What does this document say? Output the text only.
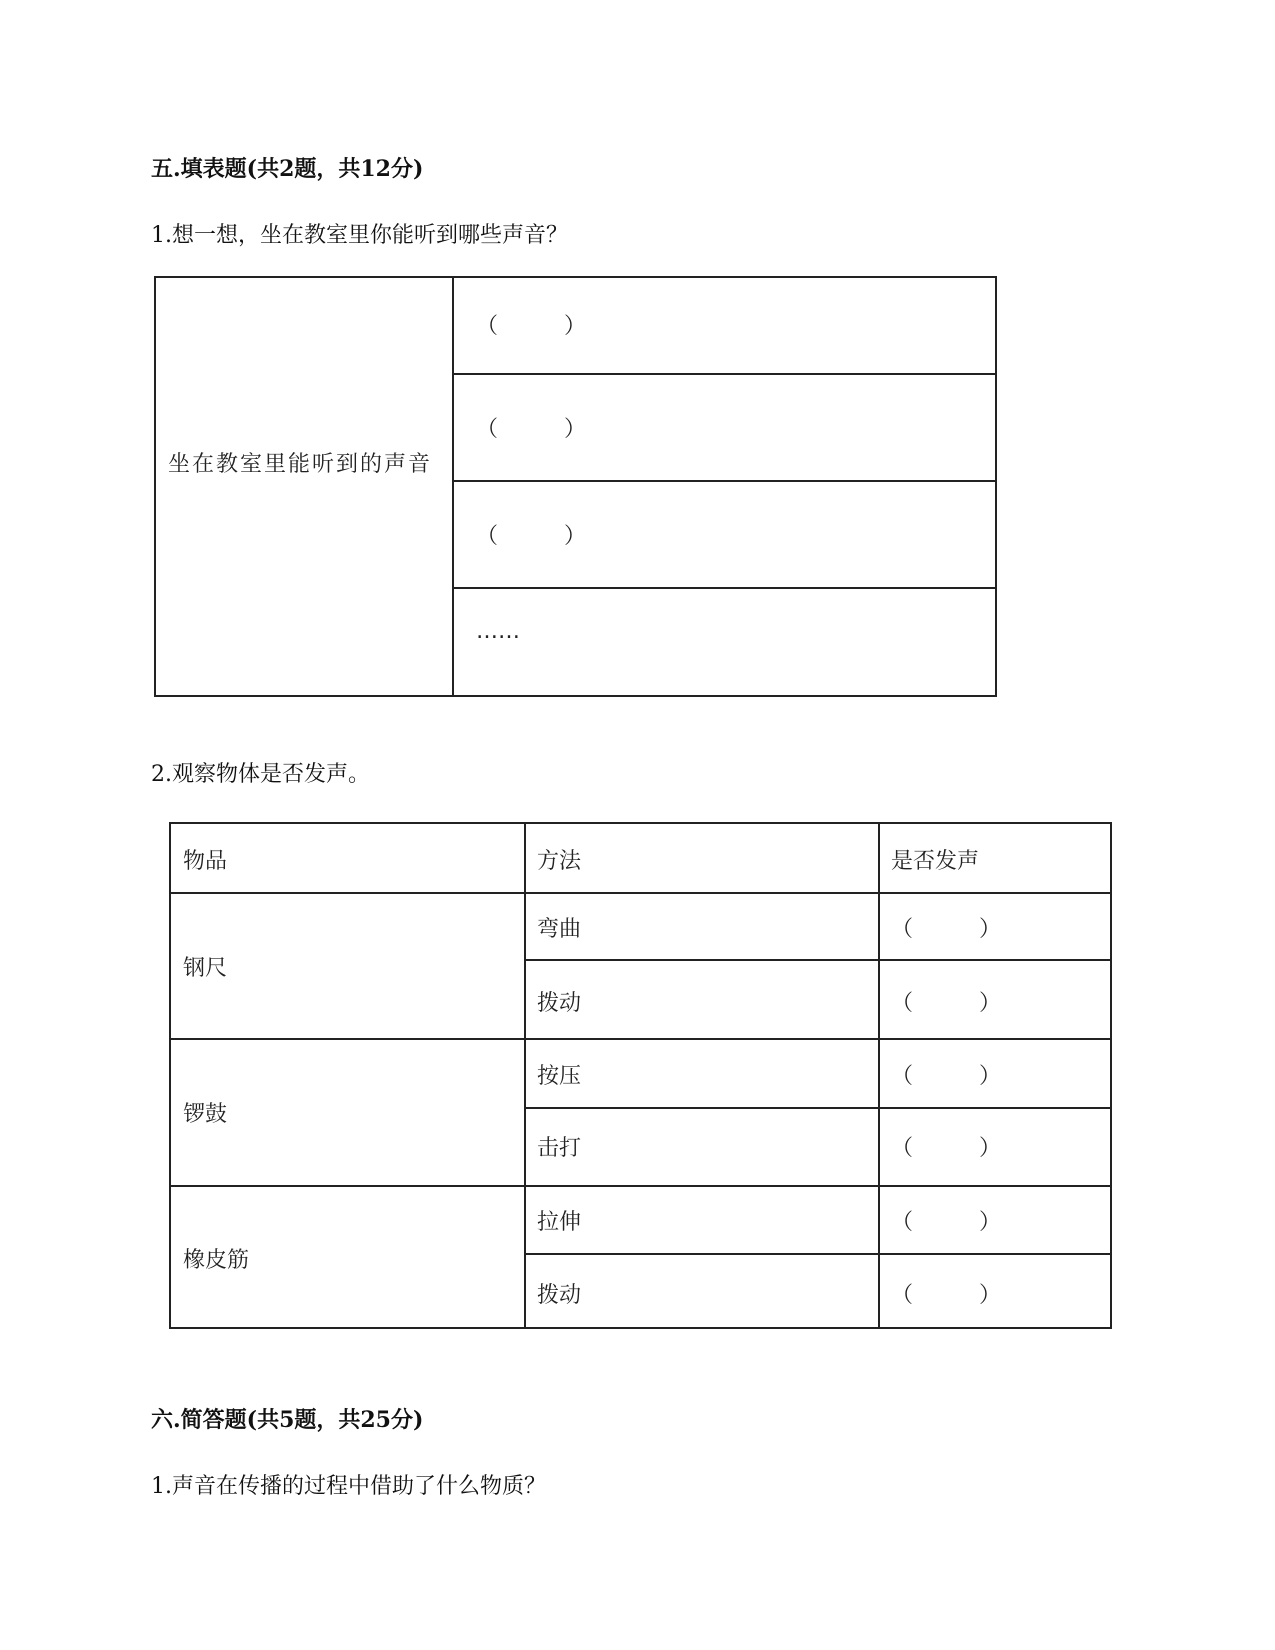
五.填表题(共2题，共12分)
1.想一想，坐在教室里你能听到哪些声音？
坐在教室里能听到的声音
（　　　）
（　　　）
（　　　）
……
2.观察物体是否发声。
物品	方法	是否发声
钢尺
锣鼓
橡皮筋
弯曲
拨动
按压
击打
拉伸
拨动
（　　　）
（　　　）
（　　　）
（　　　）
（　　　）
（　　　）
六.简答题(共5题，共25分)
1.声音在传播的过程中借助了什么物质？
